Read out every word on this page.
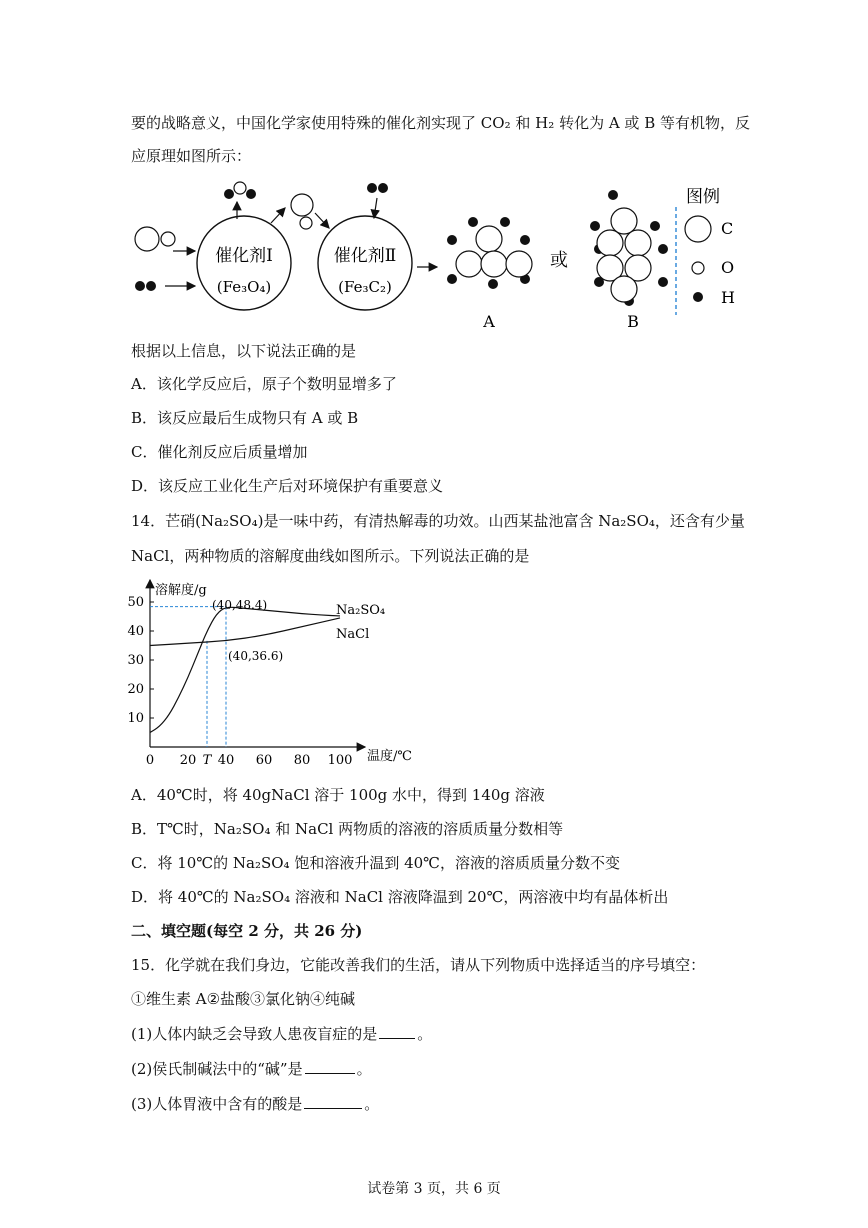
要的战略意义，中国化学家使用特殊的催化剂实现了 CO₂ 和 H₂ 转化为 A 或 B 等有机物，反
应原理如图所示：
催化剂Ⅰ
(Fe₃O₄)
催化剂Ⅱ
(Fe₃C₂)
A
或
B
图例
C
O
H
根据以上信息，以下说法正确的是
A．该化学反应后，原子个数明显增多了
B．该反应最后生成物只有 A 或 B
C．催化剂反应后质量增加
D．该反应工业化生产后对环境保护有重要意义
14．芒硝(Na₂SO₄)是一味中药，有清热解毒的功效。山西某盐池富含 Na₂SO₄，还含有少量
NaCl，两种物质的溶解度曲线如图所示。下列说法正确的是
溶解度/g
温度/℃
10
20
30
40
50
0 20 T 40 60 80 100
Na₂SO₄
NaCl
(40,48.4)
(40,36.6)
A．40℃时，将 40gNaCl 溶于 100g 水中，得到 140g 溶液
B．T℃时，Na₂SO₄ 和 NaCl 两物质的溶液的溶质质量分数相等
C．将 10℃的 Na₂SO₄ 饱和溶液升温到 40℃，溶液的溶质质量分数不变
D．将 40℃的 Na₂SO₄ 溶液和 NaCl 溶液降温到 20℃，两溶液中均有晶体析出
二、填空题(每空 2 分，共 26 分)
15．化学就在我们身边，它能改善我们的生活，请从下列物质中选择适当的序号填空：
①维生素 A②盐酸③氯化钠④纯碱
(1)人体内缺乏会导致人患夜盲症的是	。
(2)侯氏制碱法中的“碱”是	。
(3)人体胃液中含有的酸是	。
试卷第 3 页，共 6 页
